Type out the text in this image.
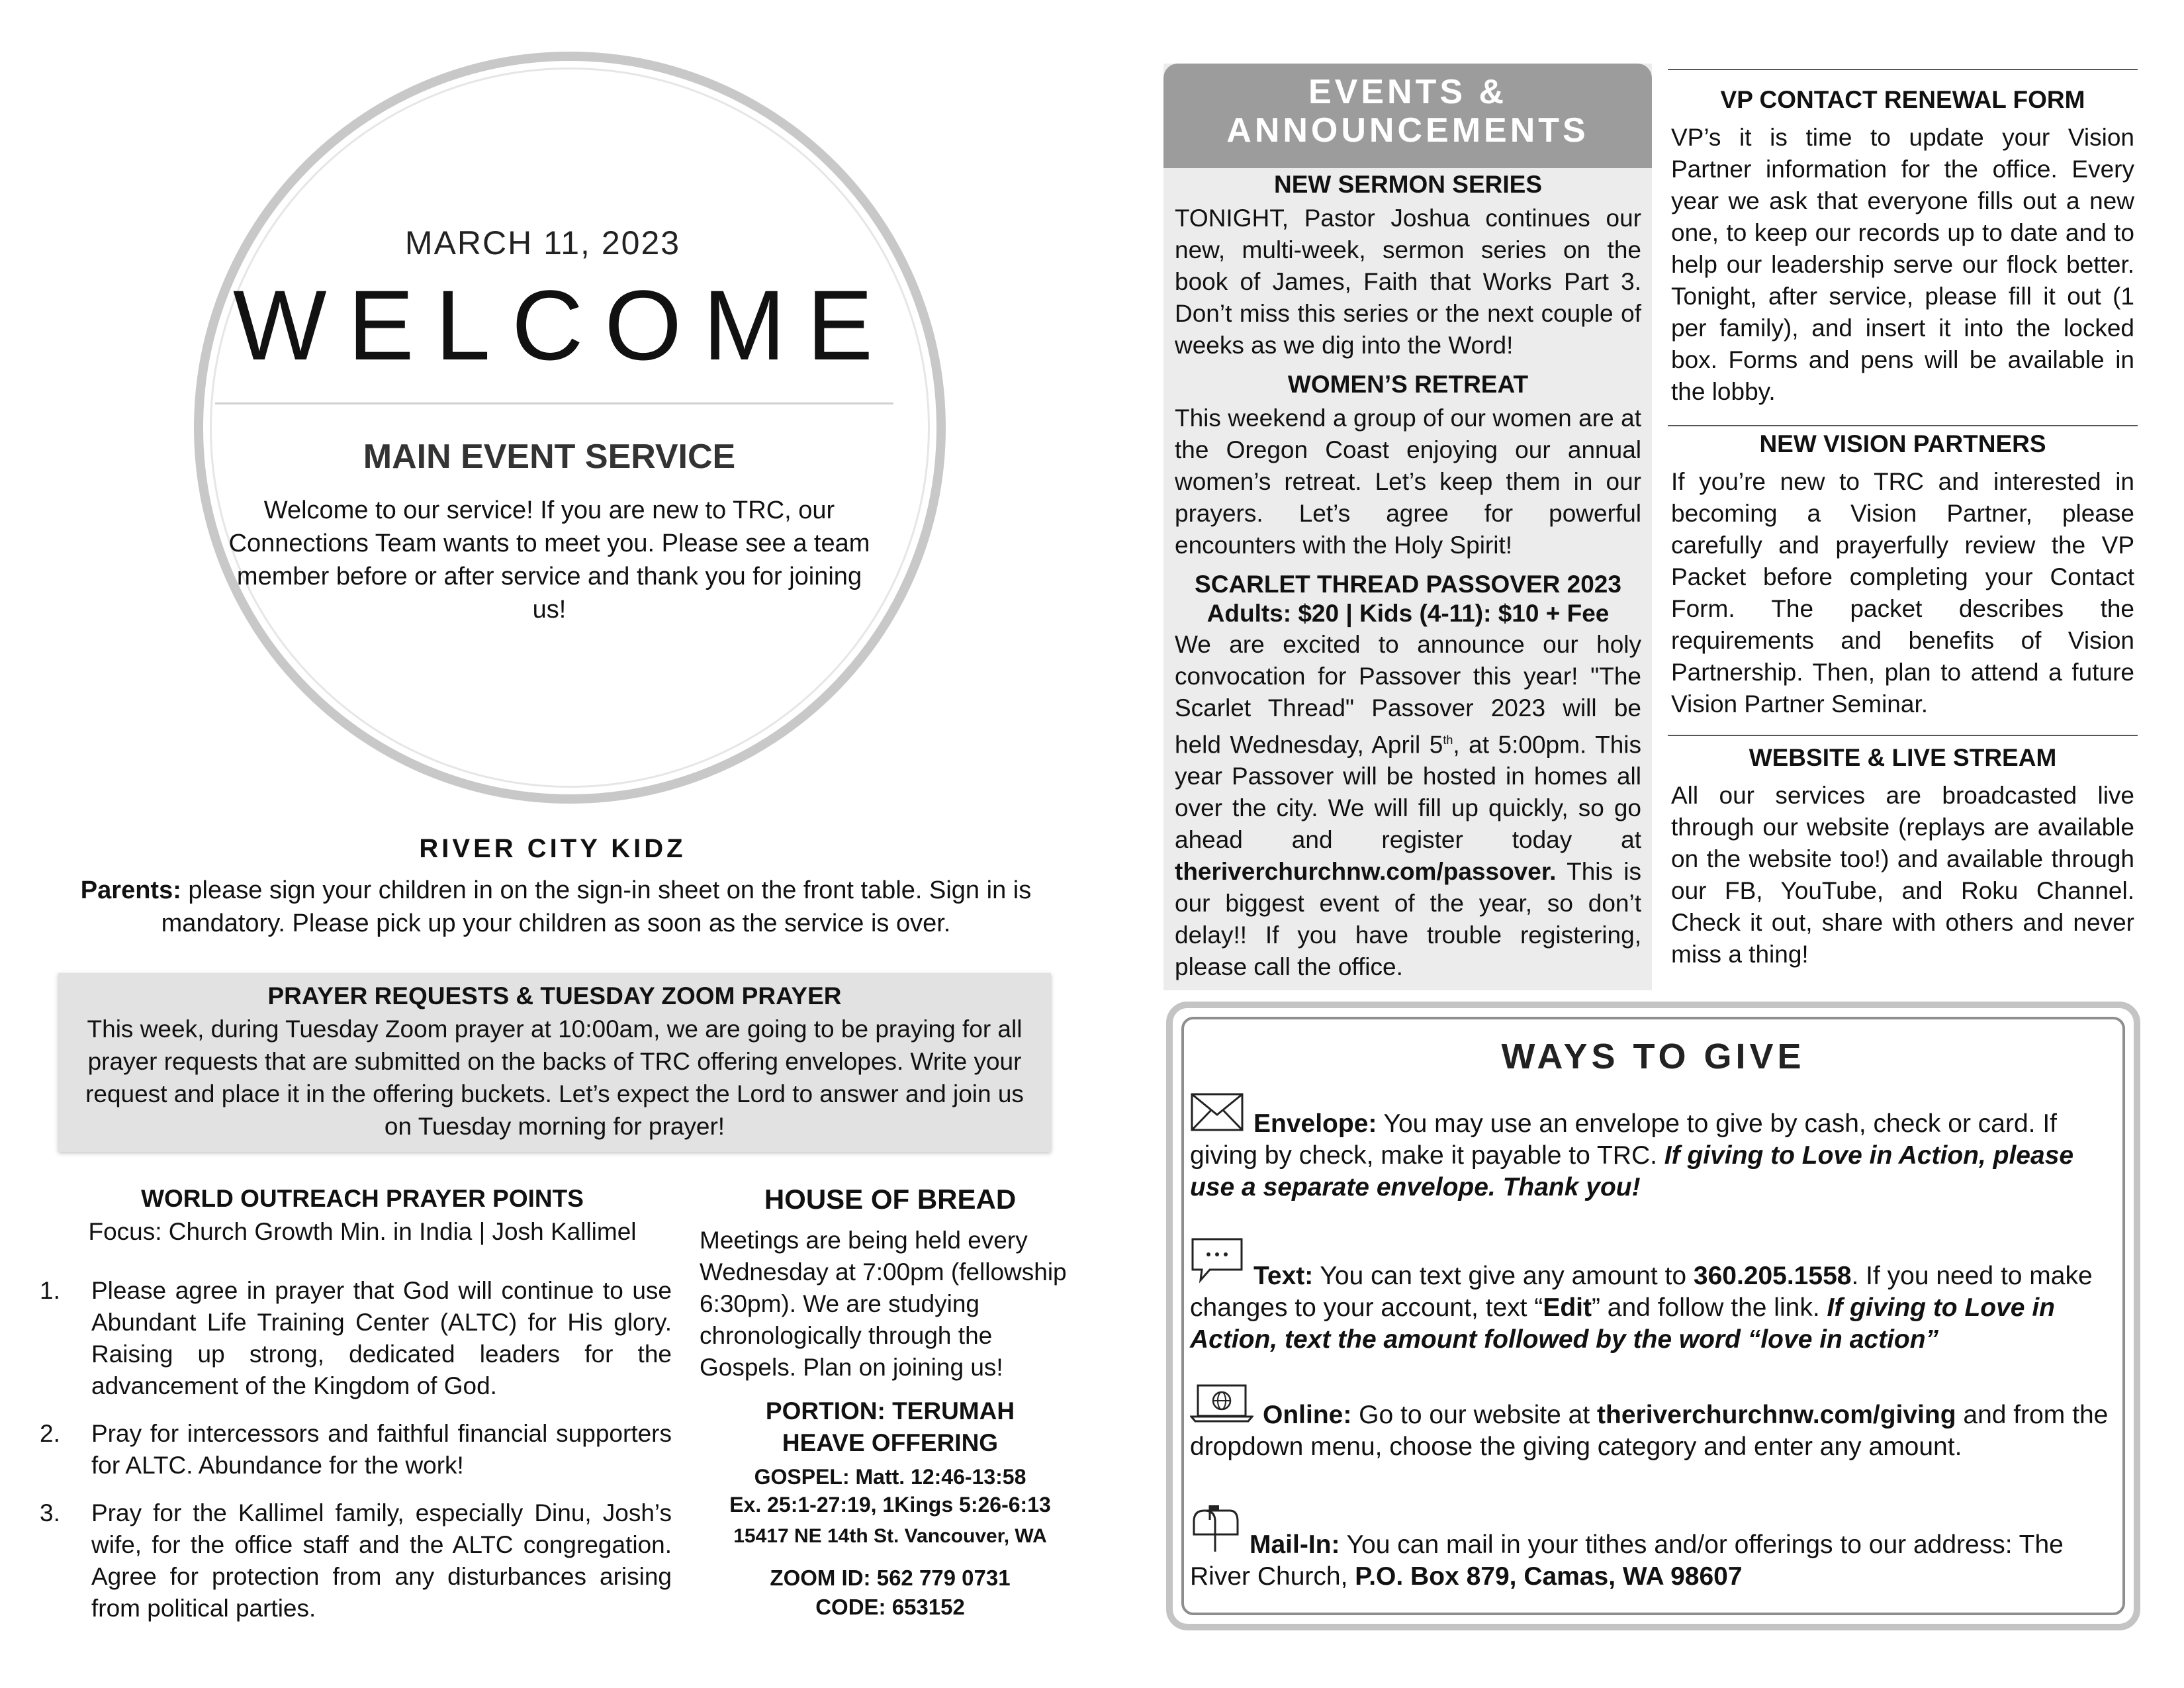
MARCH 11, 2023
WELCOME
MAIN EVENT SERVICE
Welcome to our service! If you are new to TRC, our Connections Team wants to meet you. Please see a team member before or after service and thank you for joining us!
RIVER CITY KIDZ
Parents: please sign your children in on the sign-in sheet on the front table. Sign in is mandatory. Please pick up your children as soon as the service is over.
PRAYER REQUESTS & TUESDAY ZOOM PRAYER
This week, during Tuesday Zoom prayer at 10:00am, we are going to be praying for all prayer requests that are submitted on the backs of TRC offering envelopes. Write your request and place it in the offering buckets. Let’s expect the Lord to answer and join us on Tuesday morning for prayer!
WORLD OUTREACH PRAYER POINTS
Focus: Church Growth Min. in India | Josh Kallimel
1.	Please agree in prayer that God will continue to use Abundant Life Training Center (ALTC) for His glory. Raising up strong, dedicated leaders for the advancement of the Kingdom of God.
2.	Pray for intercessors and faithful financial supporters for ALTC. Abundance for the work!
3.	Pray for the Kallimel family, especially Dinu, Josh’s wife, for the office staff and the ALTC congregation. Agree for protection from any disturbances arising from political parties.
HOUSE OF BREAD
Meetings are being held every Wednesday at 7:00pm (fellowship 6:30pm). We are studying chronologically through the Gospels. Plan on joining us!
PORTION: TERUMAH
HEAVE OFFERING
GOSPEL: Matt. 12:46-13:58
Ex. 25:1-27:19, 1Kings 5:26-6:13
15417 NE 14th St. Vancouver, WA
ZOOM ID: 562 779 0731
CODE: 653152
EVENTS &
ANNOUNCEMENTS
NEW SERMON SERIES
TONIGHT, Pastor Joshua continues our new, multi-week, sermon series on the book of James, Faith that Works Part 3. Don’t miss this series or the next couple of weeks as we dig into the Word!
WOMEN’S RETREAT
This weekend a group of our women are at the Oregon Coast enjoying our annual women’s retreat. Let’s keep them in our prayers. Let’s agree for powerful encounters with the Holy Spirit!
SCARLET THREAD PASSOVER 2023
Adults: $20 | Kids (4-11): $10 + Fee
We are excited to announce our holy convocation for Passover this year! "The Scarlet Thread" Passover 2023 will be held Wednesday, April 5th, at 5:00pm. This year Passover will be hosted in homes all over the city. We will fill up quickly, so go ahead and register today at theriverchurchnw.com/passover. This is our biggest event of the year, so don’t delay!! If you have trouble registering, please call the office.
VP CONTACT RENEWAL FORM
VP’s it is time to update your Vision Partner information for the office. Every year we ask that everyone fills out a new one, to keep our records up to date and to help our leadership serve our flock better. Tonight, after service, please fill it out (1 per family), and insert it into the locked box. Forms and pens will be available in the lobby.
NEW VISION PARTNERS
If you’re new to TRC and interested in becoming a Vision Partner, please carefully and prayerfully review the VP Packet before completing your Contact Form. The packet describes the requirements and benefits of Vision Partnership. Then, plan to attend a future Vision Partner Seminar.
WEBSITE & LIVE STREAM
All our services are broadcasted live through our website (replays are available on the website too!) and available through our FB, YouTube, and Roku Channel. Check it out, share with others and never miss a thing!
WAYS TO GIVE
Envelope: You may use an envelope to give by cash, check or card. If giving by check, make it payable to TRC. If giving to Love in Action, please use a separate envelope. Thank you!
Text: You can text give any amount to 360.205.1558. If you need to make changes to your account, text “Edit” and follow the link. If giving to Love in Action, text the amount followed by the word “love in action”
Online: Go to our website at theriverchurchnw.com/giving and from the dropdown menu, choose the giving category and enter any amount.
Mail-In: You can mail in your tithes and/or offerings to our address: The River Church, P.O. Box 879, Camas, WA 98607
